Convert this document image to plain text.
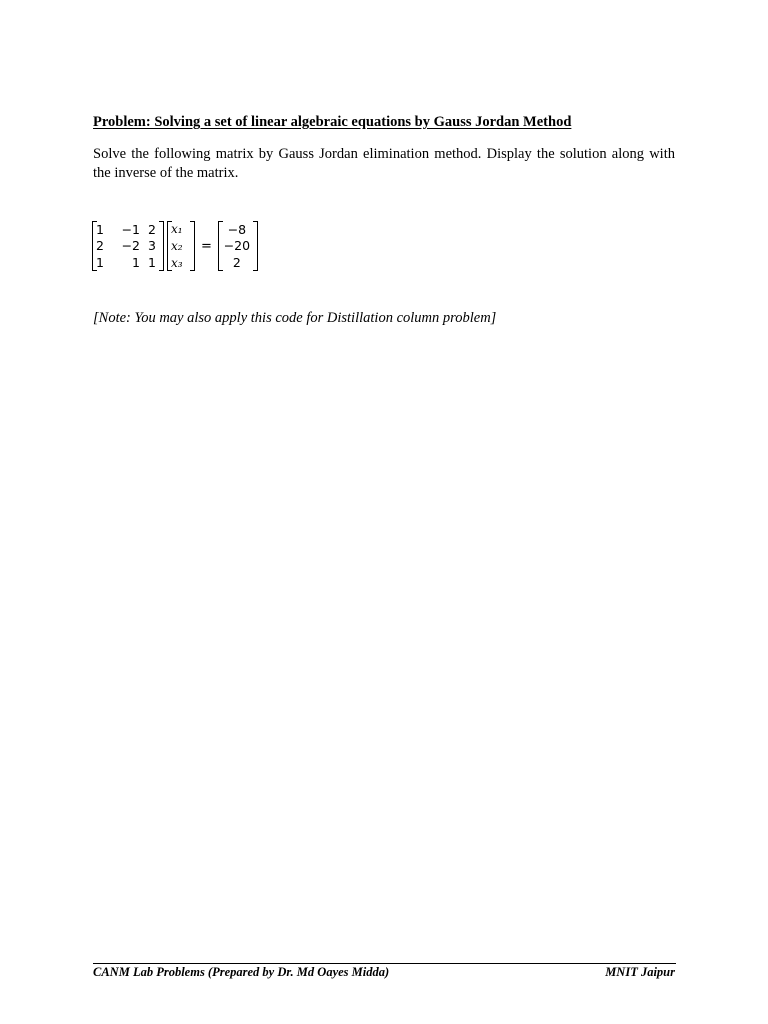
Problem: Solving a set of linear algebraic equations by Gauss Jordan Method
Solve the following matrix by Gauss Jordan elimination method. Display the solution along with the inverse of the matrix.
1	−1 2
2	−2 3
1	1 1
x₁
x₂
x₃
=
−8
−20
2
[Note: You may also apply this code for Distillation column problem]
CANM Lab Problems (Prepared by Dr. Md Oayes Midda)	MNIT Jaipur
